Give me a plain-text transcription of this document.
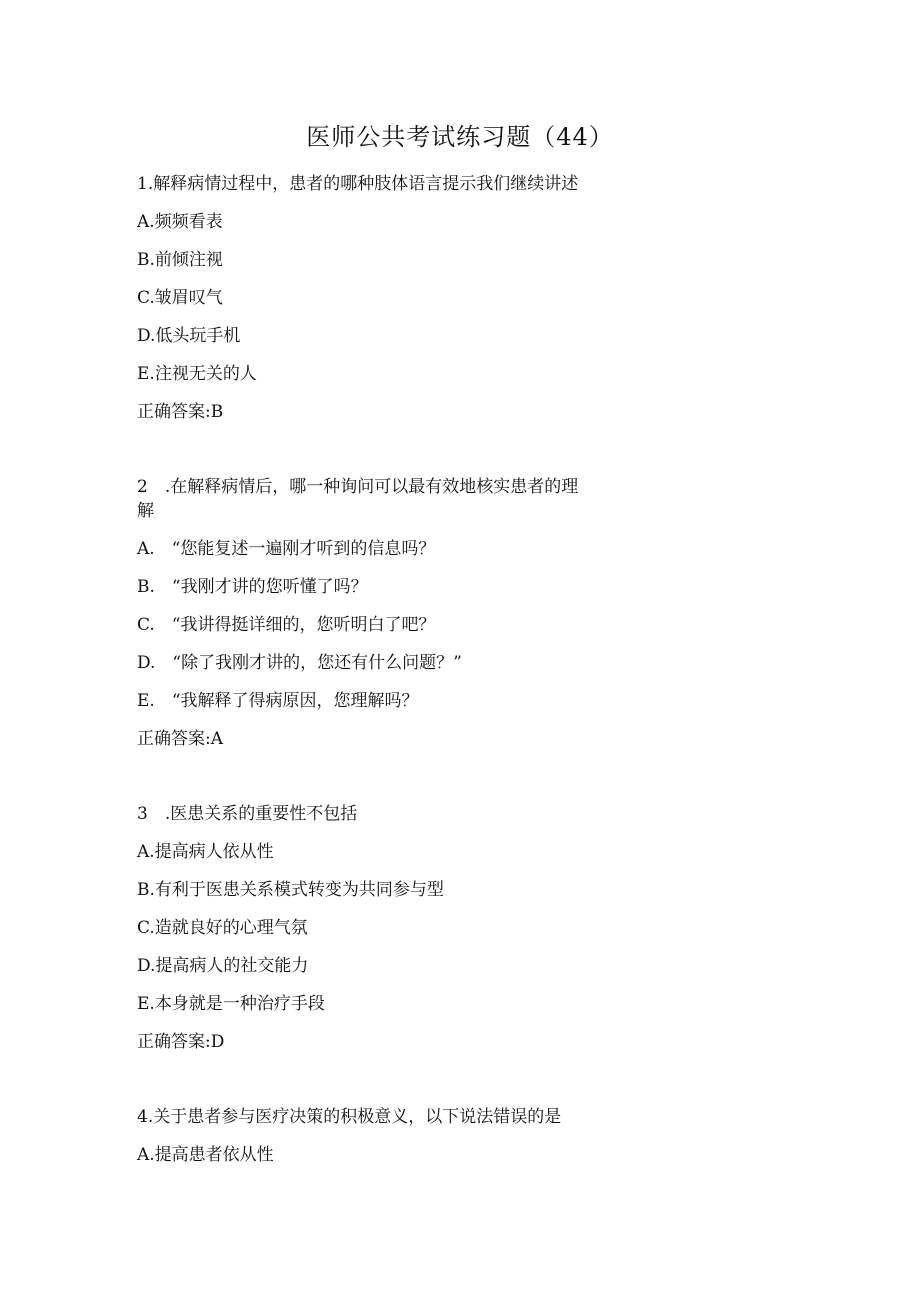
医师公共考试练习题（44）
1.解释病情过程中，患者的哪种肢体语言提示我们继续讲述
A.频频看表
B.前倾注视
C.皱眉叹气
D.低头玩手机
E.注视无关的人
正确答案:B
2　.在解释病情后，哪一种询问可以最有效地核实患者的理
解
A.　“您能复述一遍刚才听到的信息吗？
B.　“我刚才讲的您听懂了吗？
C.　“我讲得挺详细的，您听明白了吧？
D.　“除了我刚才讲的，您还有什么问题？”
E.　“我解释了得病原因，您理解吗？
正确答案:A
3　.医患关系的重要性不包括
A.提高病人依从性
B.有利于医患关系模式转变为共同参与型
C.造就良好的心理气氛
D.提高病人的社交能力
E.本身就是一种治疗手段
正确答案:D
4.关于患者参与医疗决策的积极意义，以下说法错误的是
A.提高患者依从性
